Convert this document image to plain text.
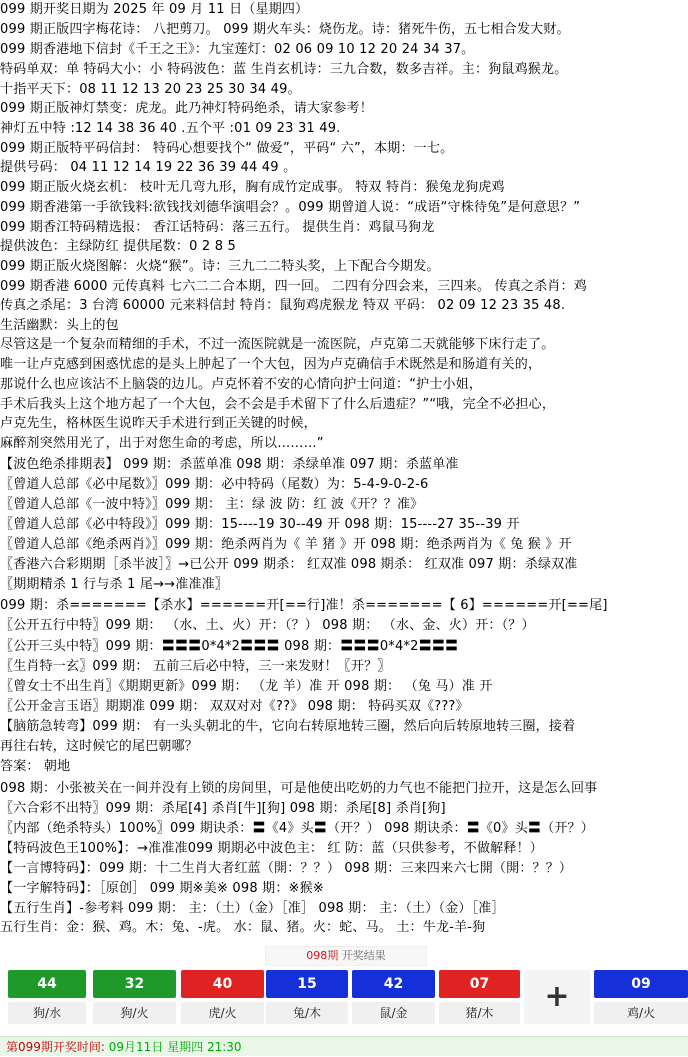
099 期开奖日期为 2025 年 09 月 11 日（星期四）
099 期正版四字梅花诗： 八把剪刀。 099 期火车头：烧伤龙。诗：猪死牛伤，五七相合发大财。
099 期香港地下信封《千王之王》：九宝莲灯：02 06 09 10 12 20 24 34 37。
特码单双：单 特码大小：小 特码波色：蓝 生肖玄机诗：三九合数，数多吉祥。主：狗鼠鸡猴龙。
十指平天下：08 11 12 13 20 23 25 30 34 49。
099 期正版神灯禁变：虎龙。此乃神灯特码绝杀，请大家参考！
神灯五中特 :12 14 38 36 40 .五个平 :01 09 23 31 49.
099 期正版特平码信封： 特码心想要找个“ 做爱”，平码“ 六”，本期：一七。
提供号码： 04 11 12 14 19 22 36 39 44 49 。
099 期正版火烧玄机： 枝叶无几弯九形，胸有成竹定成事。 特双 特肖：猴兔龙狗虎鸡
099 期香港第一手欲钱料:欲钱找刘德华演唱会？。099 期曾道人说：“成语“守株待兔”是何意思？”
099 期香江特码精选报： 香江话特码：落三五行。 提供生肖：鸡鼠马狗龙
提供波色：主绿防红 提供尾数：0 2 8 5
099 期正版火烧图解：火烧“猴”。诗：三九二二特头奖，上下配合今期发。
099 期香港 6000 元传真料 七六二二合本期，四一回。 二四有分四会来，三四来。 传真之杀肖：鸡
传真之杀尾：3 台湾 60000 元来料信封 特肖：鼠狗鸡虎猴龙 特双 平码： 02 09 12 23 35 48.
生活幽默：头上的包
尽管这是一个复杂而精细的手术，不过一流医院就是一流医院，卢克第二天就能够下床行走了。
唯一让卢克感到困惑忧虑的是头上肿起了一个大包，因为卢克确信手术既然是和肠道有关的，
那说什么也应该沾不上脑袋的边儿。卢克怀着不安的心情向护士问道：“护士小姐，
手术后我头上这个地方起了一个大包，会不会是手术留下了什么后遗症？”“哦，完全不必担心，
卢克先生，格林医生说昨天手术进行到正关键的时候，
麻醉剂突然用光了，出于对您生命的考虑，所以………”
【波色绝杀排期表】 099 期：杀蓝单准 098 期：杀绿单准 097 期：杀蓝单准
〖曾道人总部《必中尾数》〗099 期：必中特码（尾数）为：5-4-9-0-2-6
〖曾道人总部《一波中特》〗099 期： 主：绿 波 防：红 波《开？？准》
〖曾道人总部《必中特段》〗099 期：15----19 30--49 开 098 期：15----27 35--39 开
〖曾道人总部《绝杀两肖》〗099 期：绝杀两肖为《 羊 猪 》开 098 期：绝杀两肖为《 兔 猴 》开
〖香港六合彩期期［杀半波］〗→已公开 099 期杀： 红双准 098 期杀： 红双准 097 期：杀绿双准
〖期期精杀 1 行与杀 1 尾→→准准准〗
099 期：杀=======【杀水】======开[==行]准！杀=======【 6】======开[==尾]
〖公开五行中特〗099 期： （水、土、火）开：（？） 098 期： （水、金、火）开：（？）
〖公开三头中特〗099 期：〓〓〓0*4*2〓〓〓 098 期：〓〓〓0*4*2〓〓〓
〖生肖特一玄〗099 期： 五前三后必中特，三一来发财！〖开？〗
〖曾女士不出生肖〗《期期更新》099 期： （龙 羊）准 开 098 期： （兔 马）准 开
〖公开金言玉语〗期期准 099 期： 双双对对《??》 098 期： 特码买双《???》
【脑筋急转弯】099 期： 有一头头朝北的牛，它向右转原地转三圈，然后向后转原地转三圈，接着
再往右转，这时候它的尾巴朝哪？
答案： 朝地
098 期：小张被关在一间并没有上锁的房间里，可是他使出吃奶的力气也不能把门拉开，这是怎么回事
〖六合彩不出特〗099 期：杀尾[4] 杀肖[牛][狗] 098 期：杀尾[8] 杀肖[狗]
〖内部（绝杀特头）100%〗099 期诀杀：〓《4》头〓（开？） 098 期诀杀：〓《0》头〓（开？）
【特码波色王100%】：→准准准099 期期必中波色主： 红 防：蓝（只供参考，不做解释！）
【一言博特码】：099 期：十二生肖大者红蓝（開：？？） 098 期：三来四来六七開（開：？？）
【一字解特码】：［原创］ 099 期※美※ 098 期：※猴※
【五行生肖】-参考料 099 期： 主：（土）（金）［准］ 098 期： 主：（土）（金）［准］
五行生肖：金：猴、鸡。木：兔、-虎。 水：鼠、猪。火：蛇、马。 土：牛龙-羊-狗
098期 开奖结果
44
狗/水
32
狗/火
40
虎/火
15
兔/木
42
鼠/金
07
猪/木	+	09
鸡/火
第099期开奖时间: 09月11日 星期四 21:30
